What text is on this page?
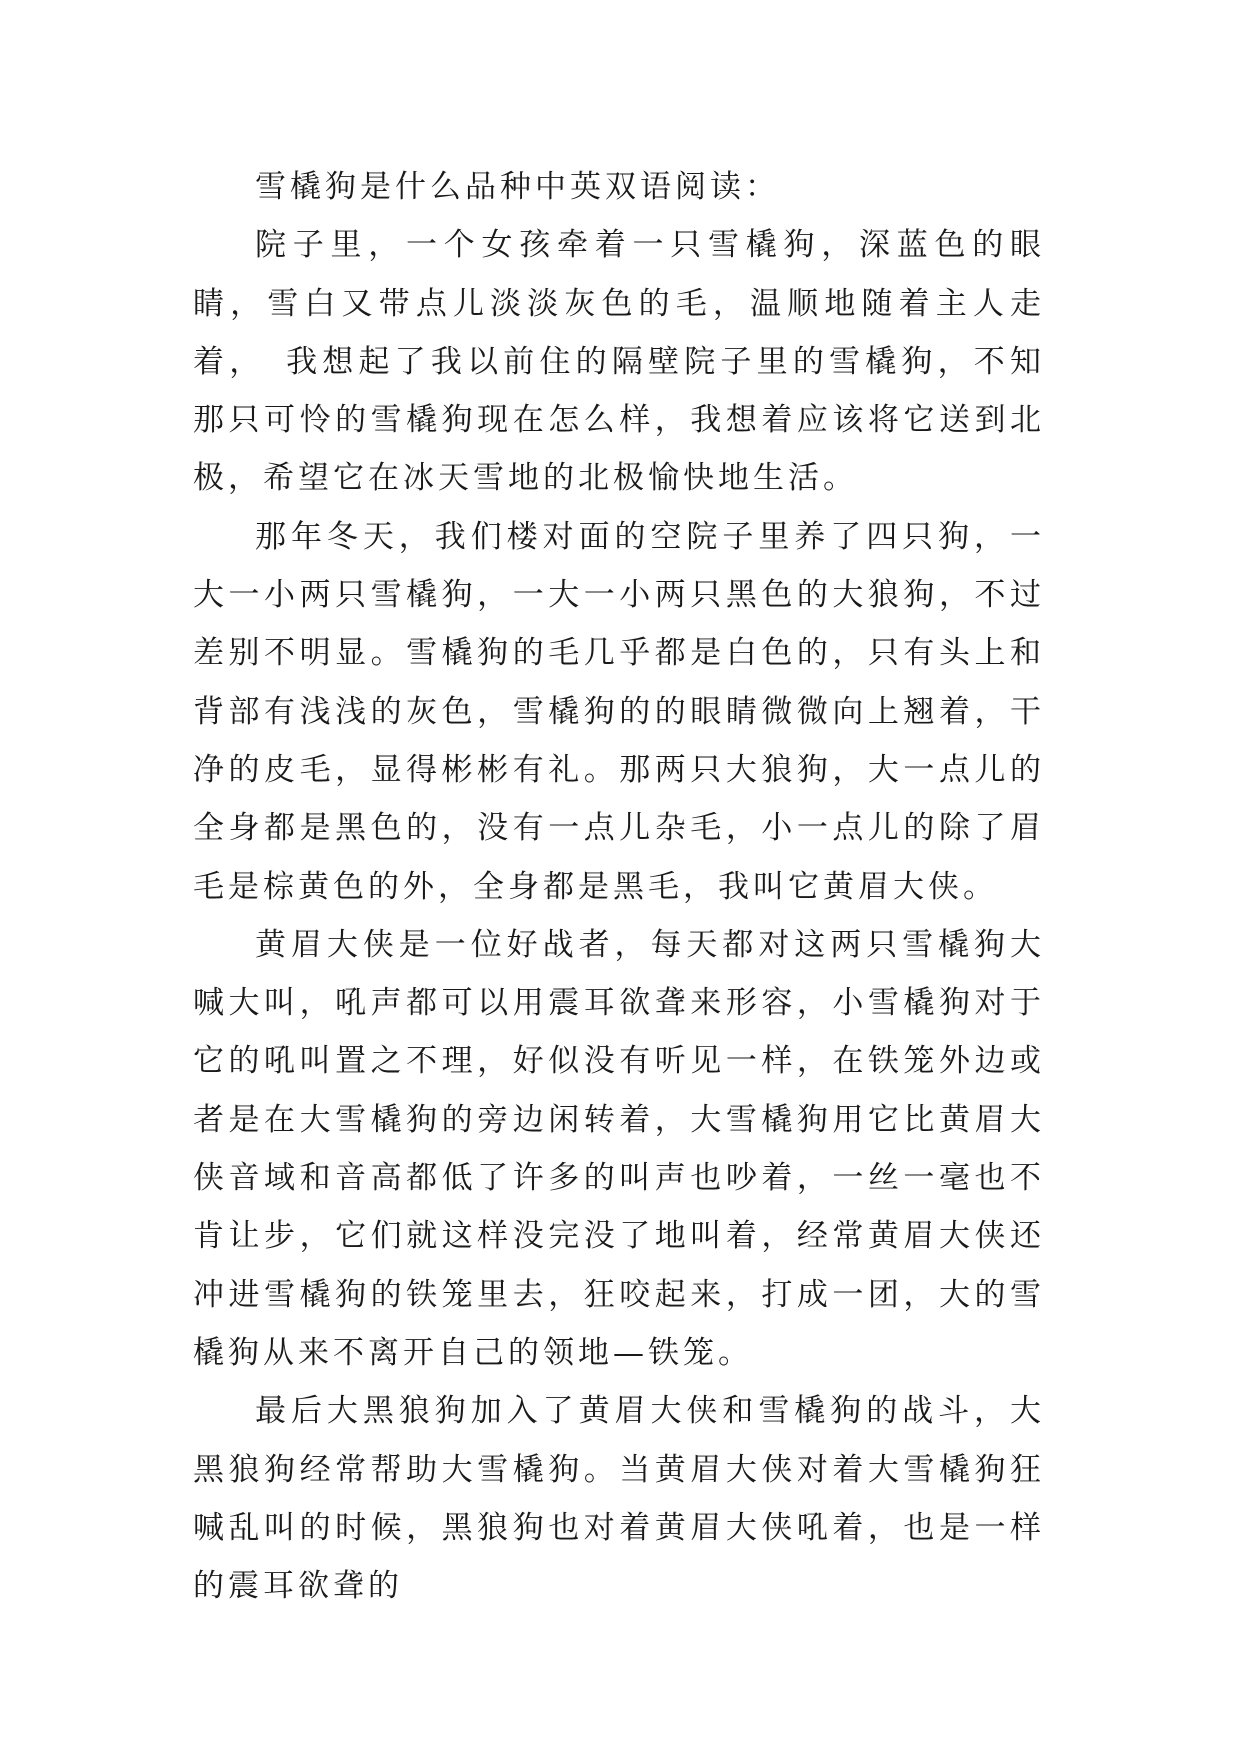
雪橇狗是什么品种中英双语阅读：

院子里，一个女孩牵着一只雪橇狗，深蓝色的眼睛，雪白又带点儿淡淡灰色的毛，温顺地随着主人走着，　我想起了我以前住的隔壁院子里的雪橇狗，不知那只可怜的雪橇狗现在怎么样，我想着应该将它送到北极，希望它在冰天雪地的北极愉快地生活。

那年冬天，我们楼对面的空院子里养了四只狗，一大一小两只雪橇狗，一大一小两只黑色的大狼狗，不过差别不明显。雪橇狗的毛几乎都是白色的，只有头上和背部有浅浅的灰色，雪橇狗的的眼睛微微向上翘着，干净的皮毛，显得彬彬有礼。那两只大狼狗，大一点儿的全身都是黑色的，没有一点儿杂毛，小一点儿的除了眉毛是棕黄色的外，全身都是黑毛，我叫它黄眉大侠。

黄眉大侠是一位好战者，每天都对这两只雪橇狗大喊大叫，吼声都可以用震耳欲聋来形容，小雪橇狗对于它的吼叫置之不理，好似没有听见一样，在铁笼外边或者是在大雪橇狗的旁边闲转着，大雪橇狗用它比黄眉大侠音域和音高都低了许多的叫声也吵着，一丝一毫也不肯让步，它们就这样没完没了地叫着，经常黄眉大侠还冲进雪橇狗的铁笼里去，狂咬起来，打成一团，大的雪橇狗从来不离开自己的领地—铁笼。

最后大黑狼狗加入了黄眉大侠和雪橇狗的战斗，大黑狼狗经常帮助大雪橇狗。当黄眉大侠对着大雪橇狗狂喊乱叫的时候，黑狼狗也对着黄眉大侠吼着，也是一样的震耳欲聋的
